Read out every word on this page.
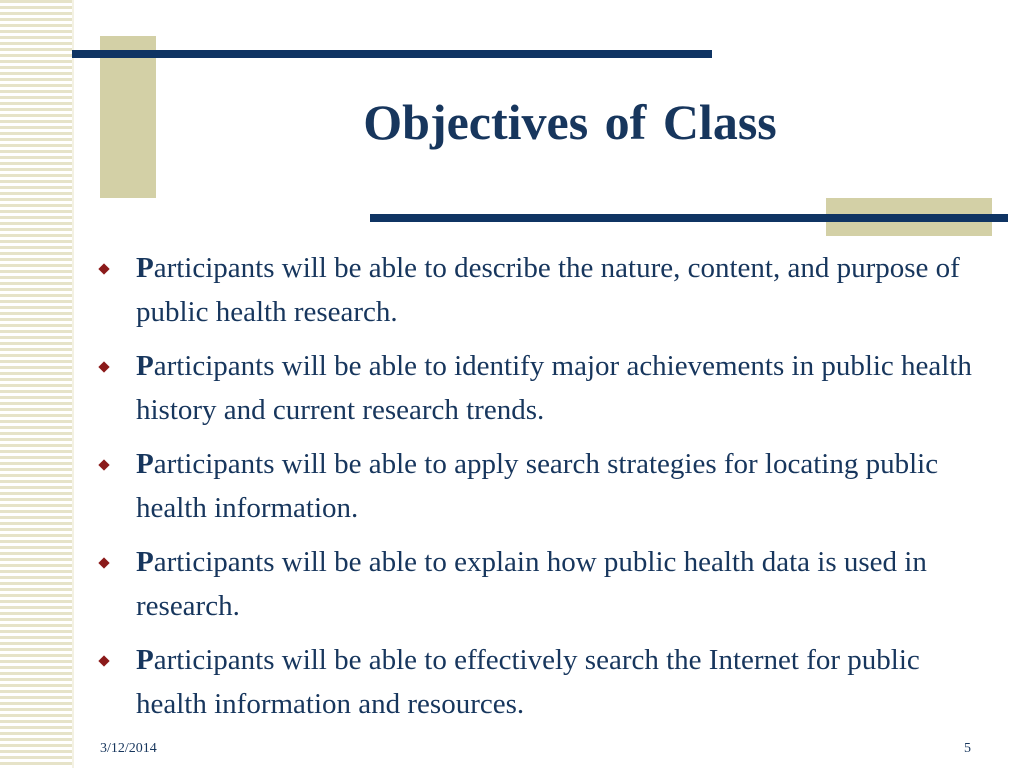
Objectives of Class
Participants will be able to describe the nature, content, and purpose of public health research.
Participants will be able to identify major achievements in public health history and current research trends.
Participants will be able to apply search strategies for locating public health information.
Participants will be able to explain how public health data is used in research.
Participants will be able to effectively search the Internet for public health information and resources.
3/12/2014	5
